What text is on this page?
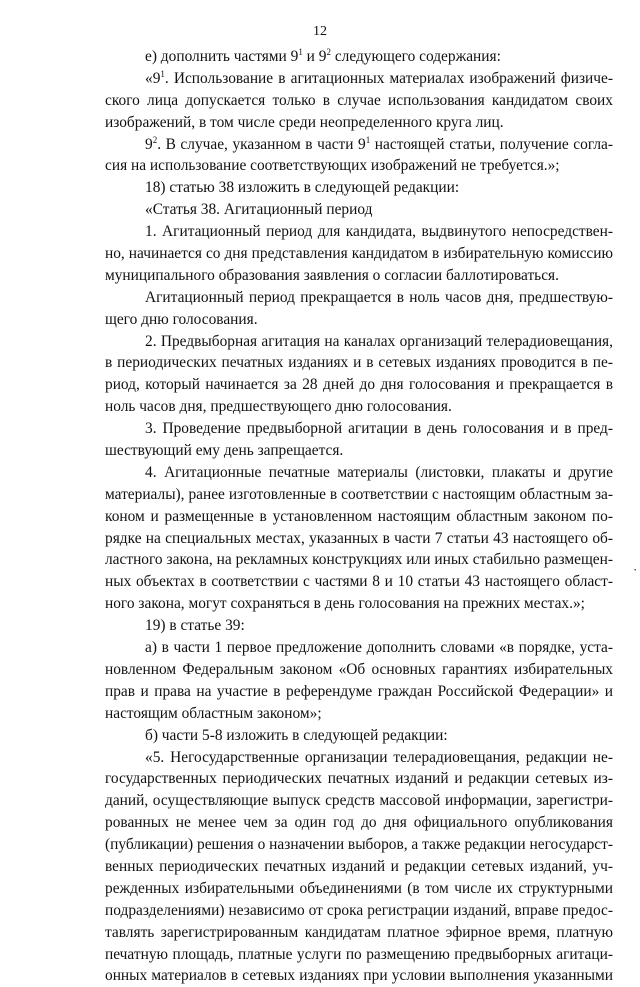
12
е) дополнить частями $9^1$ и $9^2$ следующего содержания:
«$9^1$. Использование в агитационных материалах изображений физиче-
ского лица допускается только в случае использования кандидатом своих
изображений, в том числе среди неопределенного круга лиц.
$9^2$. В случае, указанном в части $9^1$ настоящей статьи, получение согла-
сия на использование соответствующих изображений не требуется.»;
18) статью 38 изложить в следующей редакции:
«Статья 38. Агитационный период
1. Агитационный период для кандидата, выдвинутого непосредствен-
но, начинается со дня представления кандидатом в избирательную комиссию
муниципального образования заявления о согласии баллотироваться.
Агитационный период прекращается в ноль часов дня, предшествую-
щего дню голосования.
2. Предвыборная агитация на каналах организаций телерадиовещания,
в периодических печатных изданиях и в сетевых изданиях проводится в пе-
риод, который начинается за 28 дней до дня голосования и прекращается в
ноль часов дня, предшествующего дню голосования.
3. Проведение предвыборной агитации в день голосования и в пред-
шествующий ему день запрещается.
4. Агитационные печатные материалы (листовки, плакаты и другие
материалы), ранее изготовленные в соответствии с настоящим областным за-
коном и размещенные в установленном настоящим областным законом по-
рядке на специальных местах, указанных в части 7 статьи 43 настоящего об-
ластного закона, на рекламных конструкциях или иных стабильно размещен-
ных объектах в соответствии с частями 8 и 10 статьи 43 настоящего област-
ного закона, могут сохраняться в день голосования на прежних местах.»;
19) в статье 39:
а) в части 1 первое предложение дополнить словами «в порядке, уста-
новленном Федеральным законом «Об основных гарантиях избирательных
прав и права на участие в референдуме граждан Российской Федерации» и
настоящим областным законом»;
б) части 5-8 изложить в следующей редакции:
«5. Негосударственные организации телерадиовещания, редакции не-
государственных периодических печатных изданий и редакции сетевых из-
даний, осуществляющие выпуск средств массовой информации, зарегистри-
рованных не менее чем за один год до дня официального опубликования
(публикации) решения о назначении выборов, а также редакции негосударст-
венных периодических печатных изданий и редакции сетевых изданий, уч-
режденных избирательными объединениями (в том числе их структурными
подразделениями) независимо от срока регистрации изданий, вправе предос-
тавлять зарегистрированным кандидатам платное эфирное время, платную
печатную площадь, платные услуги по размещению предвыборных агитаци-
онных материалов в сетевых изданиях при условии выполнения указанными
·
